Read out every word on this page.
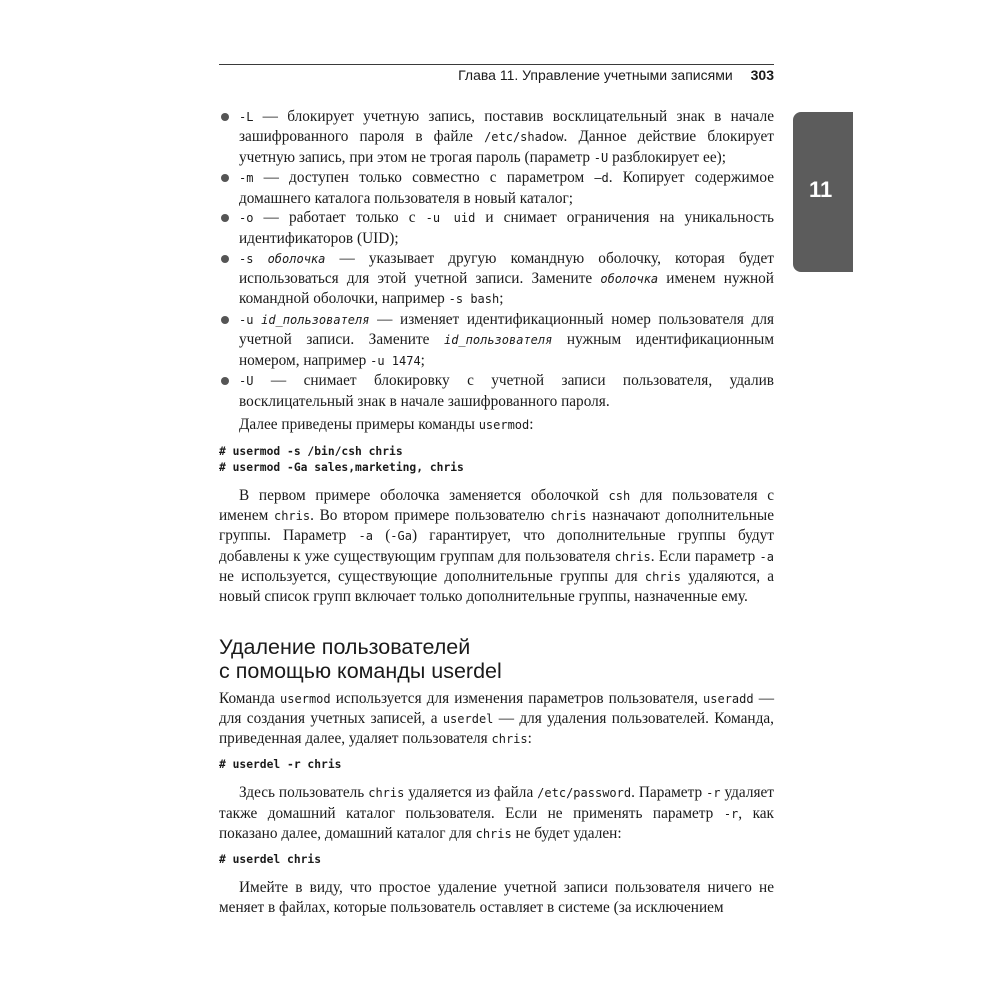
Глава 11. Управление учетными записями 303
11
-L — блокирует учетную запись, поставив восклицательный знак в начале зашифрованного пароля в файле /etc/shadow. Данное действие блокирует учетную запись, при этом не трогая пароль (параметр -U разблокирует ее);
-m — доступен только совместно с параметром –d. Копирует содержимое домашнего каталога пользователя в новый каталог;
-o — работает только с -u uid и снимает ограничения на уникальность идентификаторов (UID);
-s оболочка — указывает другую командную оболочку, которая будет использоваться для этой учетной записи. Замените оболочка именем нужной командной оболочки, например -s bash;
-u id_пользователя — изменяет идентификационный номер пользователя для учетной записи. Замените id_пользователя нужным идентификационным номером, например -u 1474;
-U — снимает блокировку с учетной записи пользователя, удалив восклицательный знак в начале зашифрованного пароля.

Далее приведены примеры команды usermod:

# usermod -s /bin/csh chris
# usermod -Ga sales,marketing, chris

В первом примере оболочка заменяется оболочкой csh для пользователя с именем chris. Во втором примере пользователю chris назначают дополнительные группы. Параметр -a (-Ga) гарантирует, что дополнительные группы будут добавлены к уже существующим группам для пользователя chris. Если параметр -a не используется, существующие дополнительные группы для chris удаляются, а новый список групп включает только дополнительные группы, назначенные ему.

Удаление пользователей
с помощью команды userdel

Команда usermod используется для изменения параметров пользователя, useradd — для создания учетных записей, а userdel — для удаления пользователей. Команда, приведенная далее, удаляет пользователя chris:

# userdel -r chris

Здесь пользователь chris удаляется из файла /etc/password. Параметр -r удаляет также домашний каталог пользователя. Если не применять параметр -r, как показано далее, домашний каталог для chris не будет удален:

# userdel chris

Имейте в виду, что простое удаление учетной записи пользователя ничего не меняет в файлах, которые пользователь оставляет в системе (за исключением
